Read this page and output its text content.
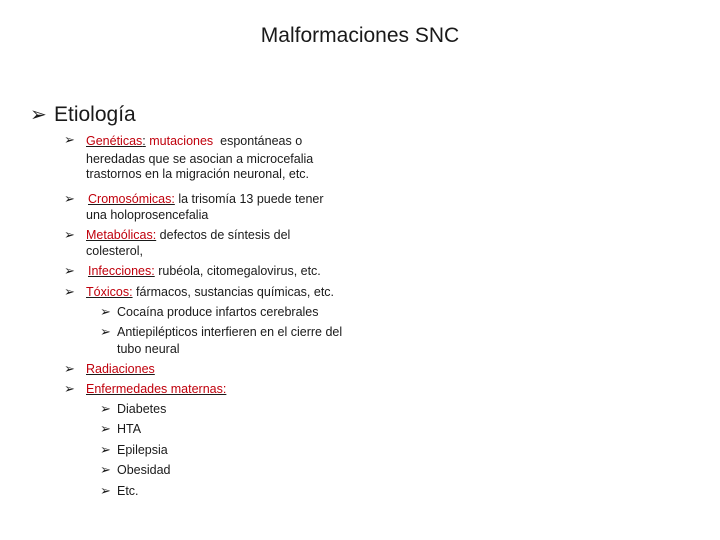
Malformaciones SNC
➢ Etiología
➢ Genéticas: mutaciones espontáneas o
heredadas que se asocian a microcefalia
trastornos en la migración neuronal, etc.
➢ Cromosómicas: la trisomía 13 puede tener
una holoprosencefalia
➢ Metabólicas: defectos de síntesis del
colesterol,
➢ Infecciones: rubéola, citomegalovirus, etc.
➢ Tóxicos: fármacos, sustancias químicas, etc.
➢ Cocaína produce infartos cerebrales
➢ Antiepilépticos interfieren en el cierre del
tubo neural
➢ Radiaciones
➢ Enfermedades maternas:
➢ Diabetes
➢ HTA
➢ Epilepsia
➢ Obesidad
➢ Etc.
